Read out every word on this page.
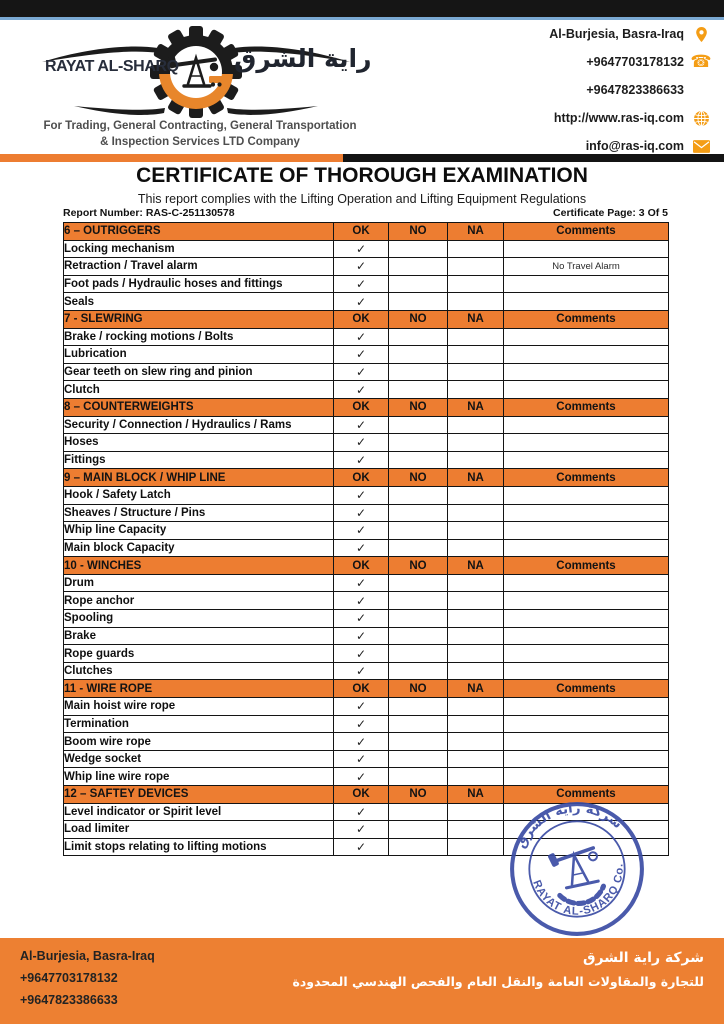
RAYAT AL-SHARQ راية الشرق
For Trading, General Contracting, General Transportation
& Inspection Services LTD Company
Al-Burjesia, Basra-Iraq
+9647703178132 ☎
+9647823386633
http://www.ras-iq.com
info@ras-iq.com
CERTIFICATE OF THOROUGH EXAMINATION
This report complies with the Lifting Operation and Lifting Equipment Regulations
Report Number: RAS-C-251130578	Certificate Page: 3 Of 5
6 – OUTRIGGERS	OK	NO	NA	Comments
Locking mechanism	✓			
Retraction / Travel alarm	✓			No Travel Alarm
Foot pads / Hydraulic hoses and fittings	✓			
Seals	✓			
7 - SLEWRING	OK	NO	NA	Comments
Brake / rocking motions / Bolts	✓			
Lubrication	✓			
Gear teeth on slew ring and pinion	✓			
Clutch	✓			
8 – COUNTERWEIGHTS	OK	NO	NA	Comments
Security / Connection / Hydraulics / Rams	✓			
Hoses	✓			
Fittings	✓			
9 – MAIN BLOCK / WHIP LINE	OK	NO	NA	Comments
Hook / Safety Latch	✓			
Sheaves / Structure / Pins	✓			
Whip line Capacity	✓			
Main block Capacity	✓			
10 - WINCHES	OK	NO	NA	Comments
Drum	✓			
Rope anchor	✓			
Spooling	✓			
Brake	✓			
Rope guards	✓			
Clutches	✓			
11 - WIRE ROPE	OK	NO	NA	Comments
Main hoist wire rope	✓			
Termination	✓			
Boom wire rope	✓			
Wedge socket	✓			
Whip line wire rope	✓			
12 – SAFTEY DEVICES	OK	NO	NA	Comments
Level indicator or Spirit level	✓			
Load limiter	✓			
Limit stops relating to lifting motions	✓				شركة راية الشرق
RAYAT AL-SHARQ Co.
Al-Burjesia, Basra-Iraq
+9647703178132
+9647823386633
شركة راية الشرق
للتجارة والمقاولات العامة والنقل العام والفحص الهندسي المحدودة
